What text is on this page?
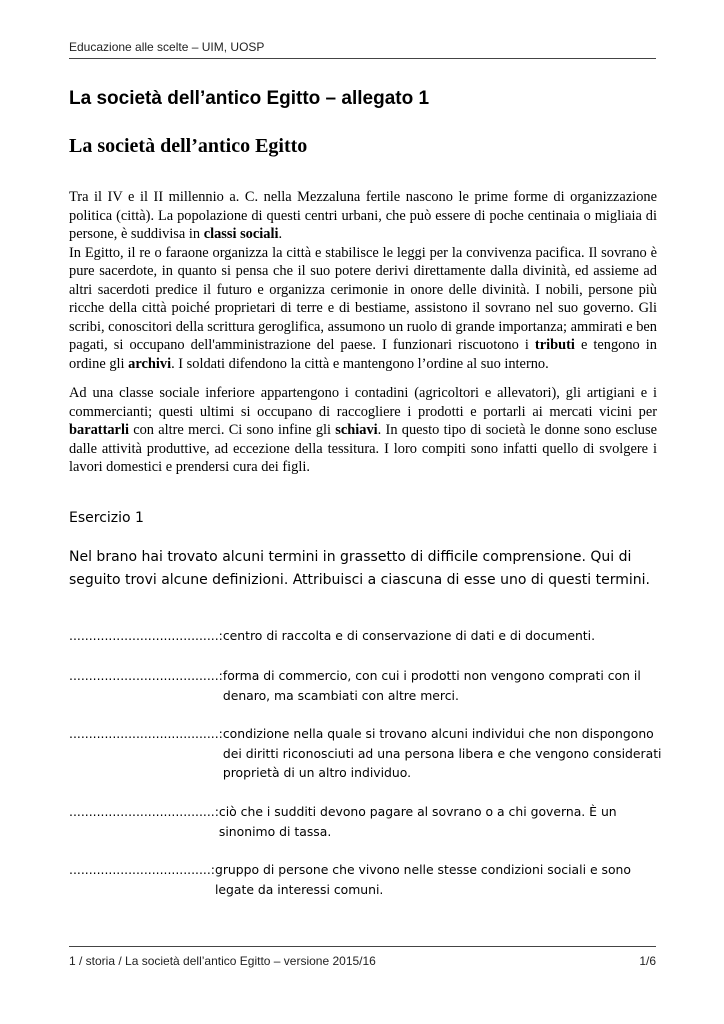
Educazione alle scelte – UIM, UOSP
La società dell’antico Egitto – allegato 1
La società dell’antico Egitto

Tra il IV e il II millennio a. C. nella Mezzaluna fertile nascono le prime forme di organizzazione politica (città). La popolazione di questi centri urbani, che può essere di poche centinaia o migliaia di persone, è suddivisa in classi sociali.

In Egitto, il re o faraone organizza la città e stabilisce le leggi per la convivenza pacifica. Il sovrano è pure sacerdote, in quanto si pensa che il suo potere derivi direttamente dalla divinità, ed assieme ad altri sacerdoti predice il futuro e organizza cerimonie in onore delle divinità. I nobili, persone più ricche della città poiché proprietari di terre e di bestiame, assistono il sovrano nel suo governo. Gli scribi, conoscitori della scrittura geroglifica, assumono un ruolo di grande importanza; ammirati e ben pagati, si occupano dell'amministrazione del paese. I funzionari riscuotono i tributi e tengono in ordine gli archivi. I soldati difendono la città e mantengono l’ordine al suo interno.

Ad una classe sociale inferiore appartengono i contadini (agricoltori e allevatori), gli artigiani e i commercianti; questi ultimi si occupano di raccogliere i prodotti e portarli ai mercati vicini per barattarli con altre merci. Ci sono infine gli schiavi. In questo tipo di società le donne sono escluse dalle attività produttive, ad eccezione della tessitura. I loro compiti sono infatti quello di svolgere i lavori domestici e prendersi cura dei figli.

Esercizio 1
Nel brano hai trovato alcuni termini in grassetto di difficile comprensione. Qui di seguito trovi alcune definizioni. Attribuisci a ciascuna di esse uno di questi termini.
......................................: centro di raccolta e di conservazione di dati e di documenti.
......................................: forma di commercio, con cui i prodotti non vengono comprati con il denaro, ma scambiati con altre merci.
......................................: condizione nella quale si trovano alcuni individui che non dispongono dei diritti riconosciuti ad una persona libera e che vengono considerati proprietà di un altro individuo.
.....................................: ciò che i sudditi devono pagare al sovrano o a chi governa. È un sinonimo di tassa.
....................................: gruppo di persone che vivono nelle stesse condizioni sociali e sono legate da interessi comuni.
1 / storia / La società dell’antico Egitto – versione 2015/16	1/6
